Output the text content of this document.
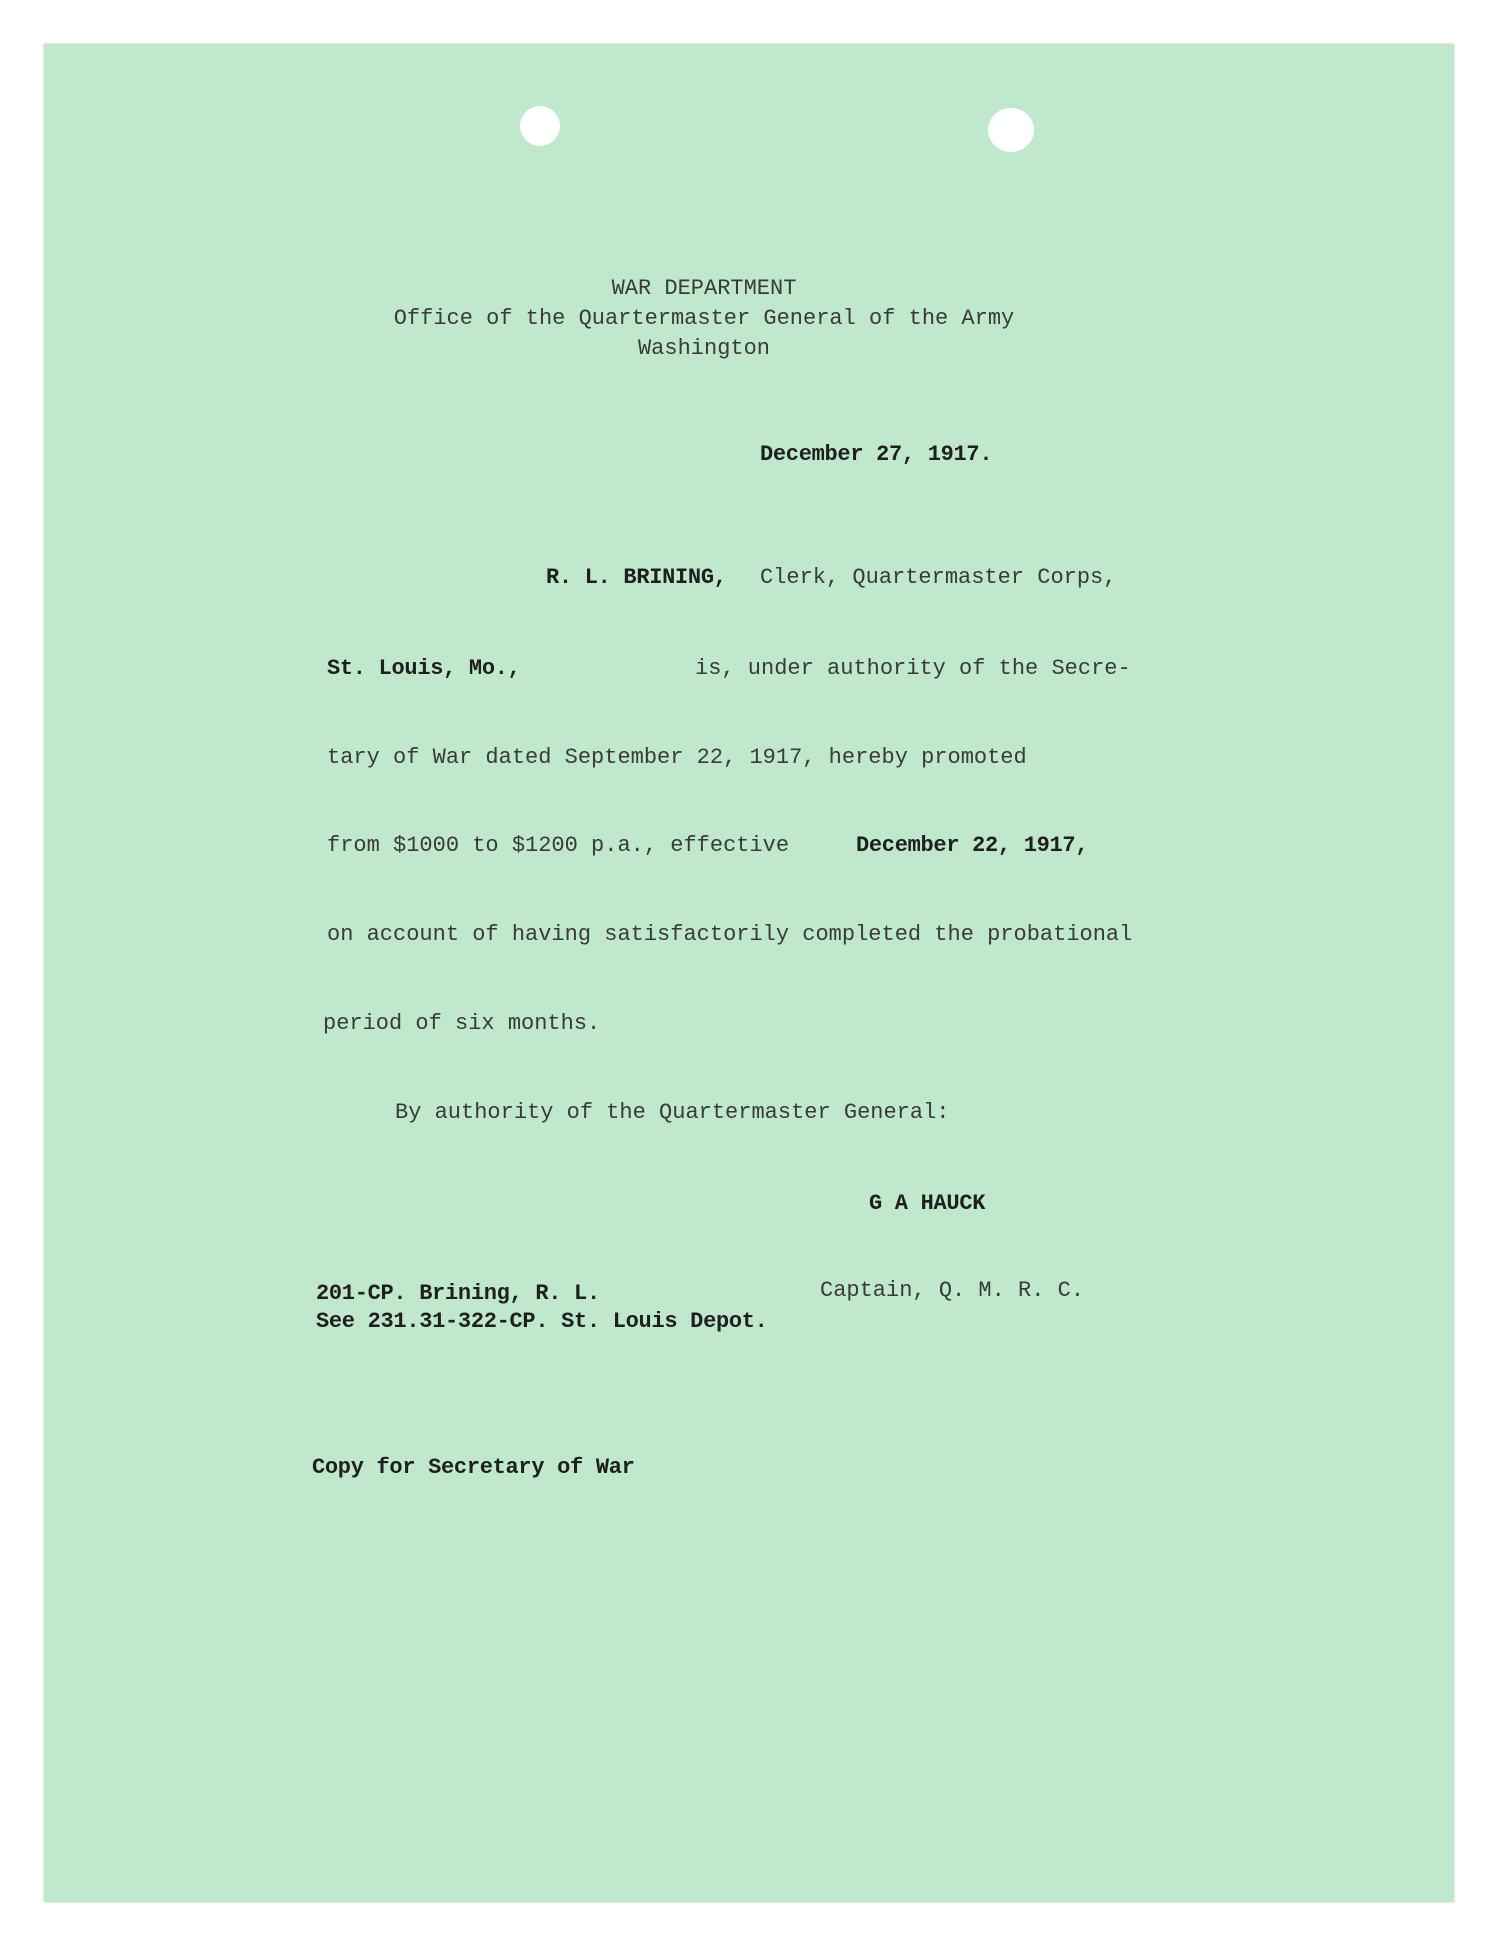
WAR DEPARTMENT
Office of the Quartermaster General of the Army
Washington
December 27, 1917.
R. L. BRINING, Clerk, Quartermaster Corps,
St. Louis, Mo.,	is, under authority of the Secre-
tary of War dated September 22, 1917, hereby promoted
from $1000 to $1200 p.a., effective	December 22, 1917,
on account of having satisfactorily completed the probational
period of six months.
By authority of the Quartermaster General:
G A HAUCK
Captain, Q. M. R. C.
201-CP. Brining, R. L.
See 231.31-322-CP. St. Louis Depot.
Copy for Secretary of War
